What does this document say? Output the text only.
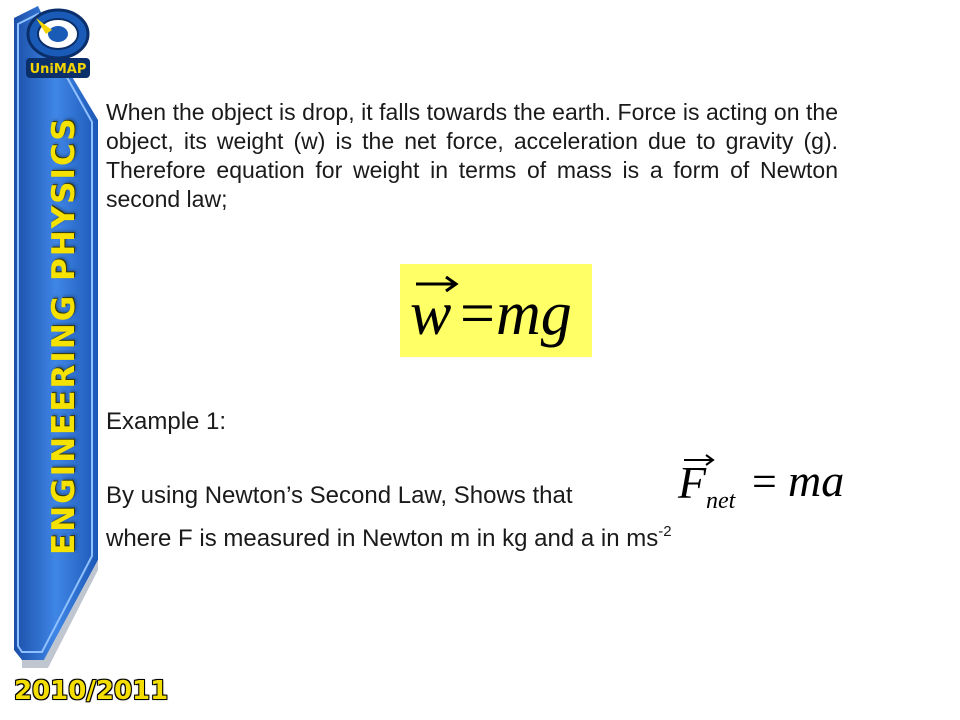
UniMAP
ENGINEERING PHYSICS
2010/2011

When the object is drop, it falls towards the earth. Force is acting on the object, its weight (w) is the net force, acceleration due to gravity (g). Therefore equation for weight in terms of mass is a form of Newton second law;

w = mg

Example 1:

By using Newton’s Second Law, Shows that F net = ma

where F is measured in Newton m in kg and a in $ms^{-2}$
